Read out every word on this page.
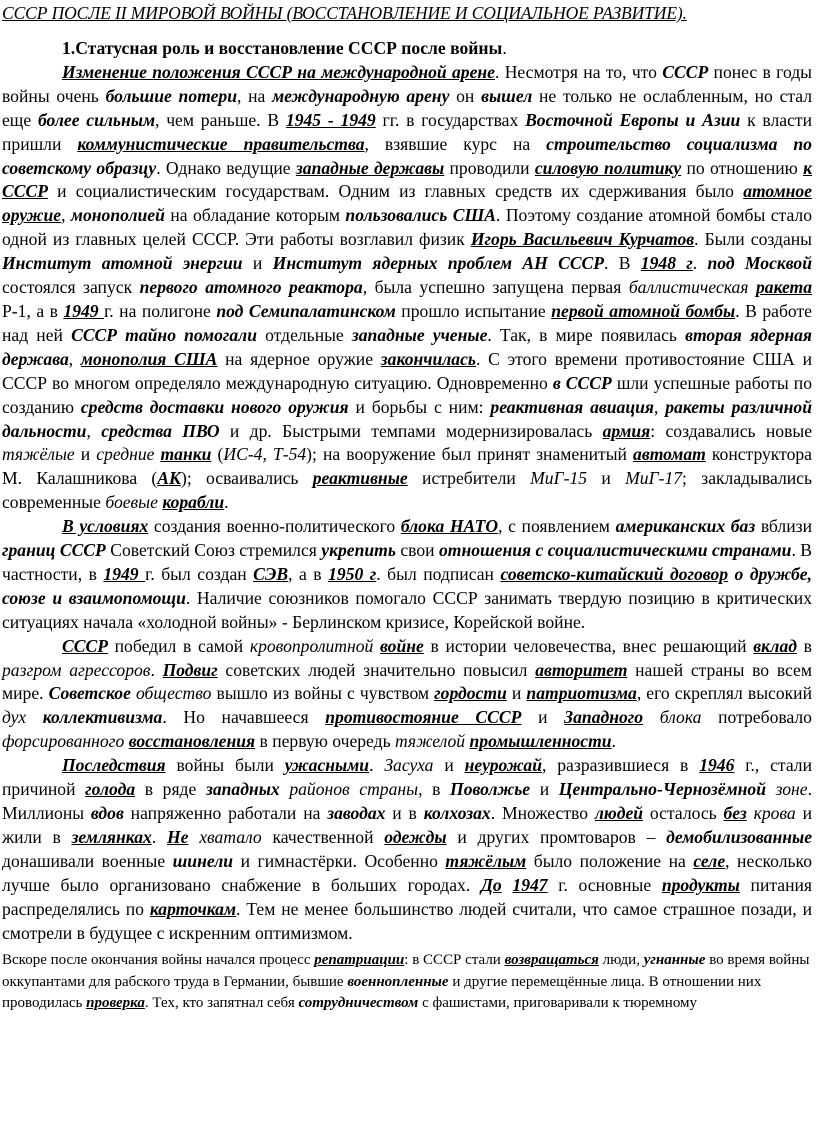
СССР ПОСЛЕ II МИРОВОЙ ВОЙНЫ (ВОССТАНОВЛЕНИЕ И СОЦИАЛЬНОЕ РАЗВИТИЕ).

1.Статусная роль и восстановление СССР после войны.

Изменение положения СССР на международной арене. Несмотря на то, что СССР понес в годы войны очень большие потери, на международную арену он вышел не только не ослабленным, но стал еще более сильным, чем раньше. В 1945 - 1949 гг. в государствах Восточной Европы и Азии к власти пришли коммунистические правительства, взявшие курс на строительство социализма по советскому образцу. Однако ведущие западные державы проводили силовую политику по отношению к СССР и социалистическим государствам. Одним из главных средств их сдерживания было атомное оружие, монополией на обладание которым пользовались США. Поэтому создание атомной бомбы стало одной из главных целей СССР. Эти работы возглавил физик Игорь Васильевич Курчатов. Были созданы Институт атомной энергии и Институт ядерных проблем АН СССР. В 1948 г. под Москвой состоялся запуск первого атомного реактора, была успешно запущена первая баллистическая ракета Р-1, а в 1949 г. на полигоне под Семипалатинском прошло испытание первой атомной бомбы. В работе над ней СССР тайно помогали отдельные западные ученые. Так, в мире появилась вторая ядерная держава, монополия США на ядерное оружие закончилась. С этого времени противостояние США и СССР во многом определяло международную ситуацию. Одновременно в СССР шли успешные работы по созданию средств доставки нового оружия и борьбы с ним: реактивная авиация, ракеты различной дальности, средства ПВО и др. Быстрыми темпами модернизировалась армия: создавались новые тяжёлые и средние танки (ИС-4, Т-54); на вооружение был принят знаменитый автомат конструктора М. Калашникова (АК); осваивались реактивные истребители МиГ-15 и МиГ-17; закладывались современные боевые корабли.

В условиях создания военно-политического блока НАТО, с появлением американских баз вблизи границ СССР Советский Союз стремился укрепить свои отношения с социалистическими странами. В частности, в 1949 г. был создан СЭВ, а в 1950 г. был подписан советско-китайский договор о дружбе, союзе и взаимопомощи. Наличие союзников помогало СССР занимать твердую позицию в критических ситуациях начала «холодной войны» - Берлинском кризисе, Корейской войне.

СССР победил в самой кровопролитной войне в истории человечества, внес решающий вклад в разгром агрессоров. Подвиг советских людей значительно повысил авторитет нашей страны во всем мире. Советское общество вышло из войны с чувством гордости и патриотизма, его скреплял высокий дух коллективизма. Но начавшееся противостояние СССР и Западного блока потребовало форсированного восстановления в первую очередь тяжелой промышленности.

Последствия войны были ужасными. Засуха и неурожай, разразившиеся в 1946 г., стали причиной голода в ряде западных районов страны, в Поволжье и Центрально-Чернозёмной зоне. Миллионы вдов напряженно работали на заводах и в колхозах. Множество людей осталось без крова и жили в землянках. Не хватало качественной одежды и других промтоваров – демобилизованные донашивали военные шинели и гимнастёрки. Особенно тяжёлым было положение на селе, несколько лучше было организовано снабжение в больших городах. До 1947 г. основные продукты питания распределялись по карточкам. Тем не менее большинство людей считали, что самое страшное позади, и смотрели в будущее с искренним оптимизмом.

Вскоре после окончания войны начался процесс репатриации: в СССР стали возвращаться люди, угнанные во время войны оккупантами для рабского труда в Германии, бывшие военнопленные и другие перемещённые лица. В отношении них проводилась проверка. Тех, кто запятнал себя сотрудничеством с фашистами, приговаривали к тюремному
